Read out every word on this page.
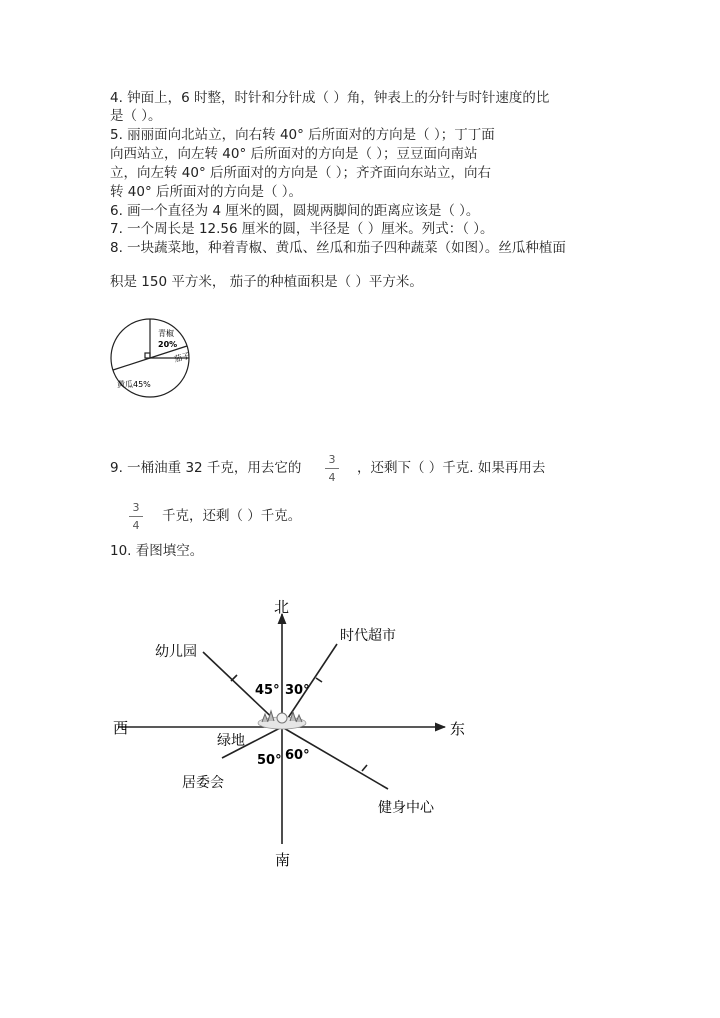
4. 钟面上，6 时整，时针和分针成（ ）角，钟表上的分针与时针速度的比
是（ ）。
5. 丽丽面向北站立，向右转 40° 后所面对的方向是（ ）；丁丁面
向西站立，向左转 40° 后所面对的方向是（ ）；豆豆面向南站
立，向左转 40° 后所面对的方向是（ ）；齐齐面向东站立，向右
转 40° 后所面对的方向是（ ）。
6. 画一个直径为 4 厘米的圆，圆规两脚间的距离应该是（ ）。
7. 一个周长是 12.56 厘米的圆，半径是（ ）厘米。列式：（ ）。
8. 一块蔬菜地，种着青椒、黄瓜、丝瓜和茄子四种蔬菜（如图）。丝瓜种植面
积是 150 平方米， 茄子的种植面积是（ ）平方米。
青椒
20%
茄子
黄瓜45%
9. 一桶油重 32 千克，用去它的
3
4
，还剩下（ ）千克. 如果再用去
3
4
千克，还剩（ ）千克。
10. 看图填空。
北
南
东
西
绿地
幼儿园
时代超市
居委会
健身中心
45° 30°
50° 60°
